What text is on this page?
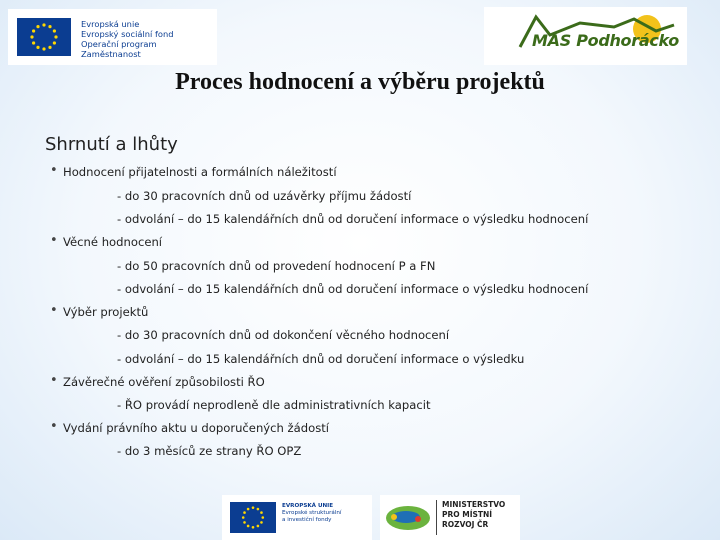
Evropská unie
Evropský sociální fond
Operační program Zaměstnanost
MAS Podhorácko
Proces hodnocení a výběru projektů
Shrnutí a lhůty
• Hodnocení přijatelnosti a formálních náležitostí
- do 30 pracovních dnů od uzávěrky příjmu žádostí
- odvolání – do 15 kalendářních dnů od doručení informace o výsledku hodnocení
• Věcné hodnocení
- do 50 pracovních dnů od provedení hodnocení P a FN
- odvolání – do 15 kalendářních dnů od doručení informace o výsledku hodnocení
• Výběr projektů
- do 30 pracovních dnů od dokončení věcného hodnocení
- odvolání – do 15 kalendářních dnů od doručení informace o výsledku
• Závěrečné ověření způsobilosti ŘO
- ŘO provádí neprodleně dle administrativních kapacit
• Vydání právního aktu u doporučených žádostí
- do 3 měsíců ze strany ŘO OPZ
EVROPSKÁ UNIE
Evropské strukturální
a investiční fondy
MINISTERSTVO
PRO MÍSTNÍ
ROZVOJ ČR
